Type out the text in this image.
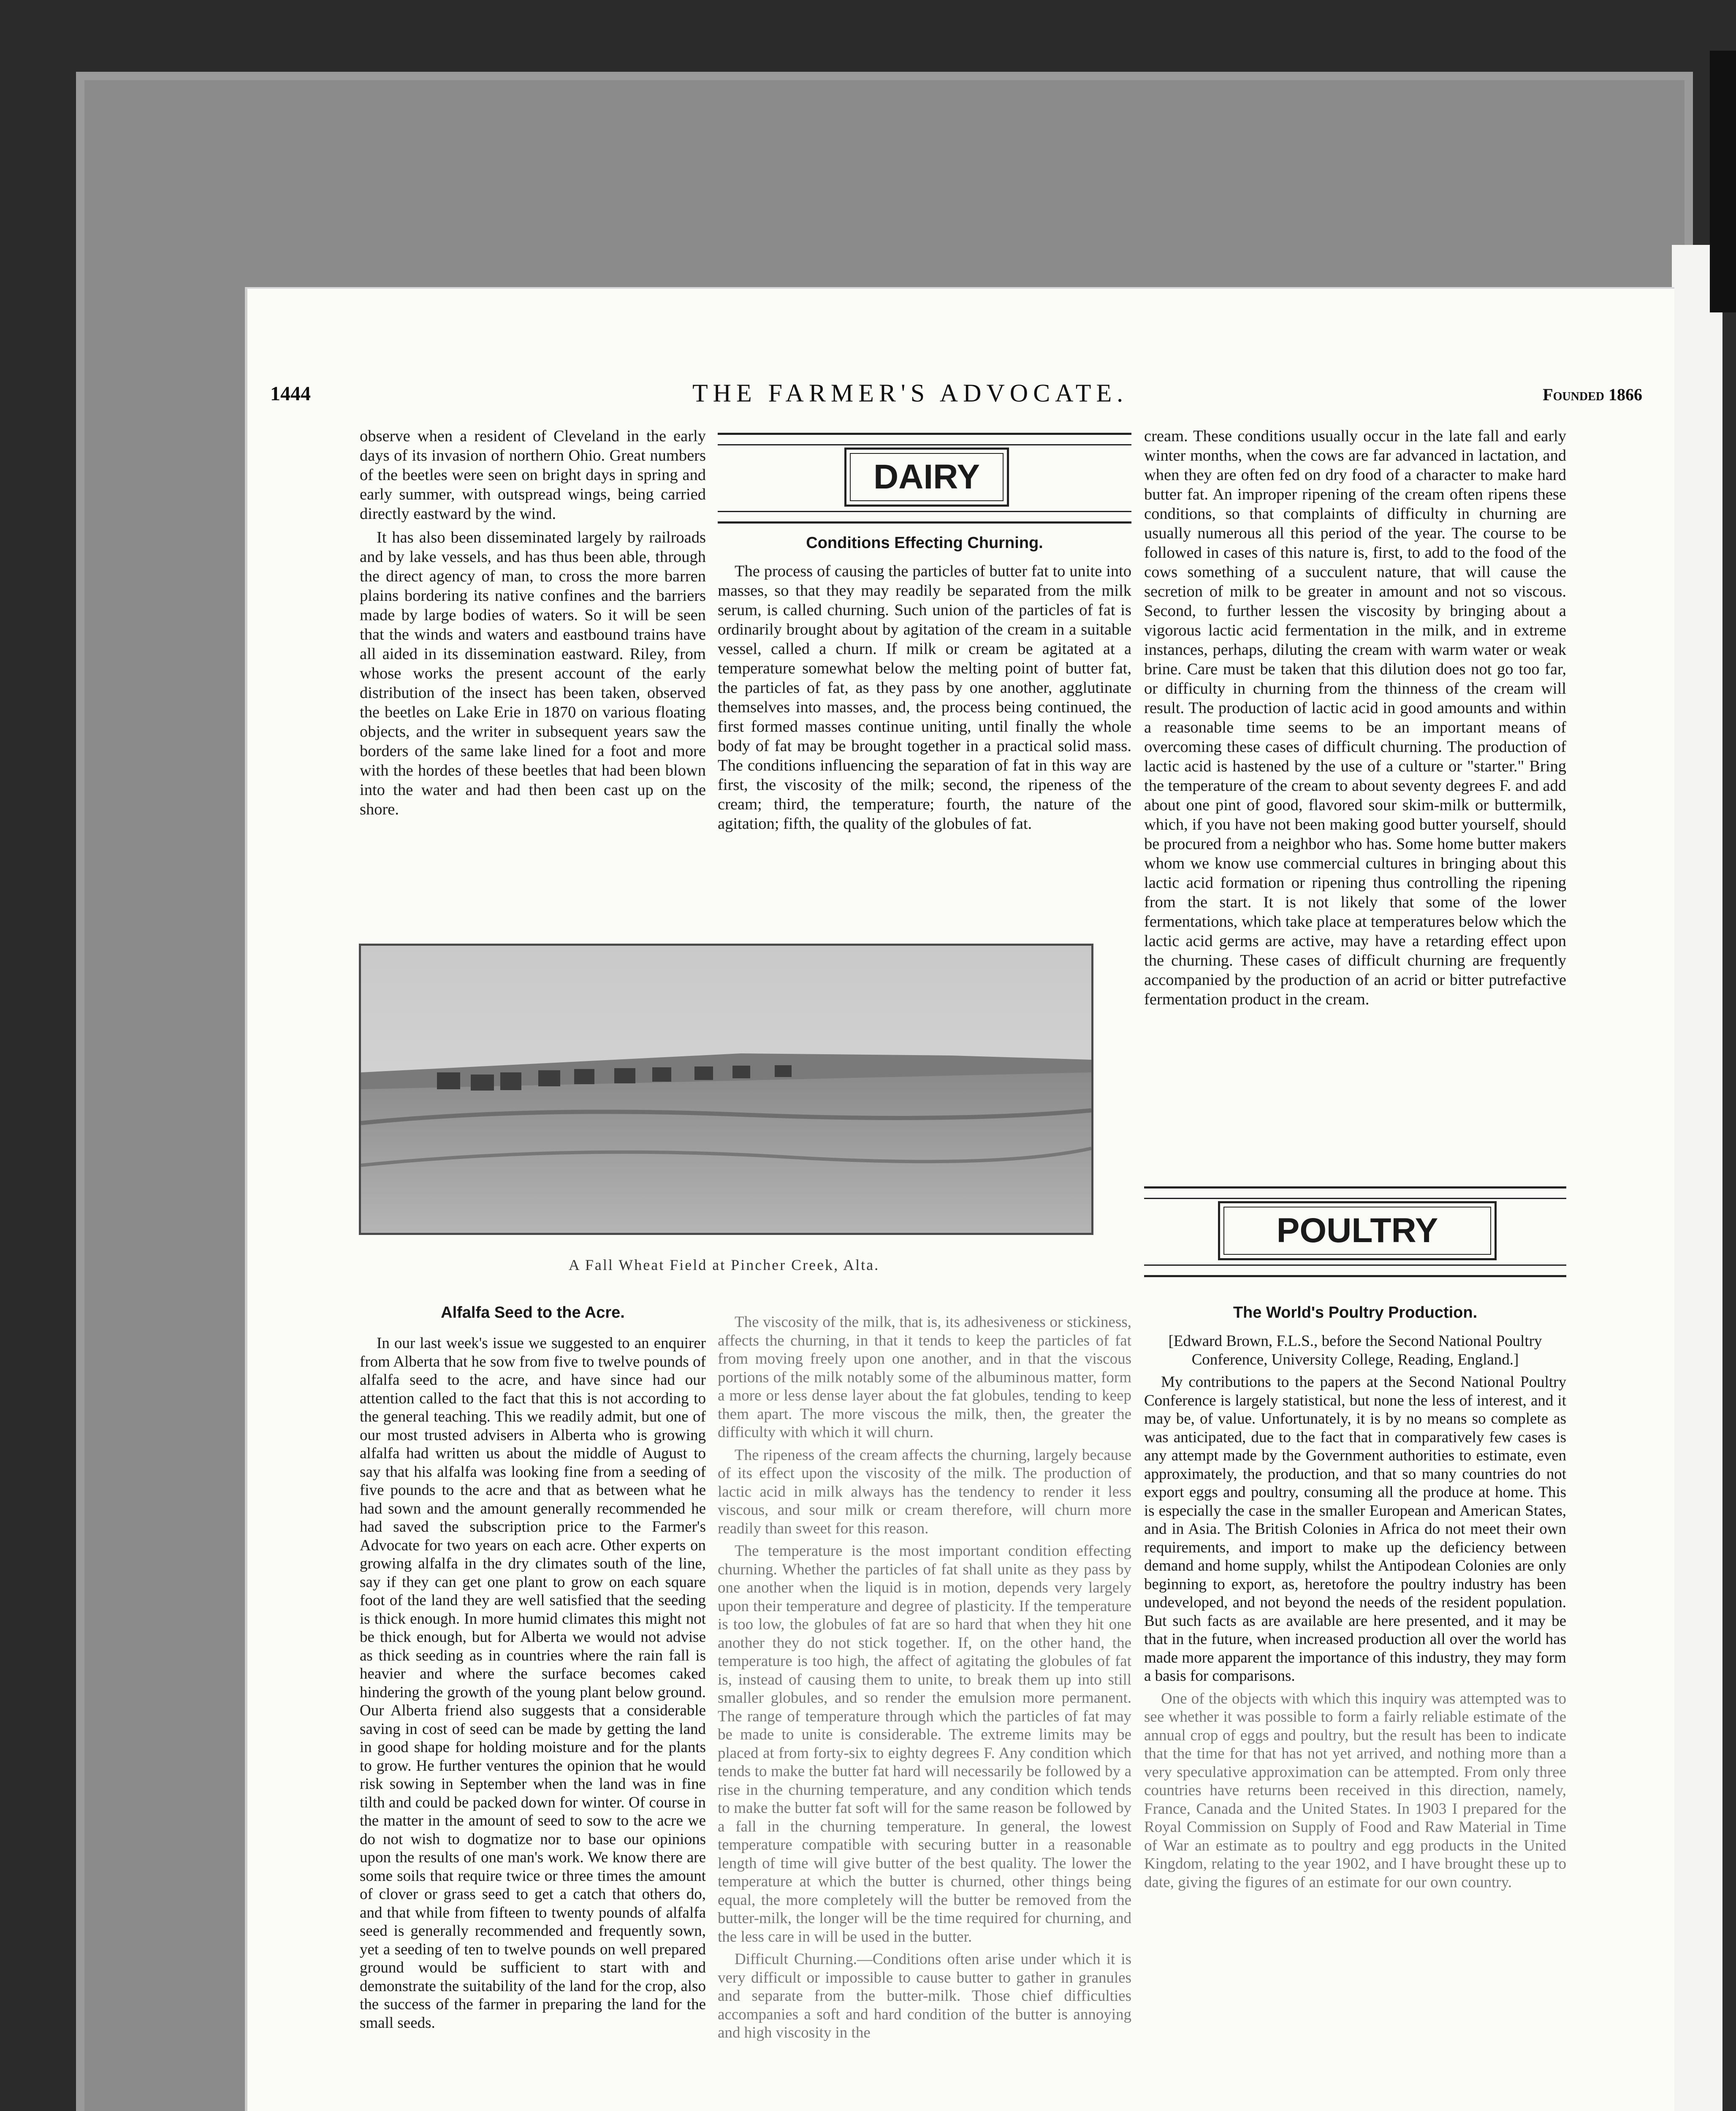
1444	THE FARMER'S ADVOCATE.	Founded 1866

observe when a resident of Cleveland in the early days of its invasion of northern Ohio. Great numbers of the beetles were seen on bright days in spring and early summer, with outspread wings, being carried directly eastward by the wind.

It has also been disseminated largely by railroads and by lake vessels, and has thus been able, through the direct agency of man, to cross the more barren plains bordering its native confines and the barriers made by large bodies of waters. So it will be seen that the winds and waters and eastbound trains have all aided in its dissemination eastward. Riley, from whose works the present account of the early distribution of the insect has been taken, observed the beetles on Lake Erie in 1870 on various floating objects, and the writer in subsequent years saw the borders of the same lake lined for a foot and more with the hordes of these beetles that had been blown into the water and had then been cast up on the shore.

DAIRY
Conditions Effecting Churning.

The process of causing the particles of butter fat to unite into masses, so that they may readily be separated from the milk serum, is called churning. Such union of the particles of fat is ordinarily brought about by agitation of the cream in a suitable vessel, called a churn. If milk or cream be agitated at a temperature somewhat below the melting point of butter fat, the particles of fat, as they pass by one another, agglutinate themselves into masses, and, the process being continued, the first formed masses continue uniting, until finally the whole body of fat may be brought together in a practical solid mass. The conditions influencing the separation of fat in this way are first, the viscosity of the milk; second, the ripeness of the cream; third, the temperature; fourth, the nature of the agitation; fifth, the quality of the globules of fat.

cream. These conditions usually occur in the late fall and early winter months, when the cows are far advanced in lactation, and when they are often fed on dry food of a character to make hard butter fat. An improper ripening of the cream often ripens these conditions, so that complaints of difficulty in churning are usually numerous all this period of the year. The course to be followed in cases of this nature is, first, to add to the food of the cows something of a succulent nature, that will cause the secretion of milk to be greater in amount and not so viscous. Second, to further lessen the viscosity by bringing about a vigorous lactic acid fermentation in the milk, and in extreme instances, perhaps, diluting the cream with warm water or weak brine. Care must be taken that this dilution does not go too far, or difficulty in churning from the thinness of the cream will result. The production of lactic acid in good amounts and within a reasonable time seems to be an important means of overcoming these cases of difficult churning. The production of lactic acid is hastened by the use of a culture or "starter." Bring the temperature of the cream to about seventy degrees F. and add about one pint of good, flavored sour skim-milk or buttermilk, which, if you have not been making good butter yourself, should be procured from a neighbor who has. Some home butter makers whom we know use commercial cultures in bringing about this lactic acid formation or ripening thus controlling the ripening from the start. It is not likely that some of the lower fermentations, which take place at temperatures below which the lactic acid germs are active, may have a retarding effect upon the churning. These cases of difficult churning are frequently accompanied by the production of an acrid or bitter putrefactive fermentation product in the cream.

A Fall Wheat Field at Pincher Creek, Alta.
POULTRY
Alfalfa Seed to the Acre.

In our last week's issue we suggested to an enquirer from Alberta that he sow from five to twelve pounds of alfalfa seed to the acre, and have since had our attention called to the fact that this is not according to the general teaching. This we readily admit, but one of our most trusted advisers in Alberta who is growing alfalfa had written us about the middle of August to say that his alfalfa was looking fine from a seeding of five pounds to the acre and that as between what he had sown and the amount generally recommended he had saved the subscription price to the Farmer's Advocate for two years on each acre. Other experts on growing alfalfa in the dry climates south of the line, say if they can get one plant to grow on each square foot of the land they are well satisfied that the seeding is thick enough. In more humid climates this might not be thick enough, but for Alberta we would not advise as thick seeding as in countries where the rain fall is heavier and where the surface becomes caked hindering the growth of the young plant below ground. Our Alberta friend also suggests that a considerable saving in cost of seed can be made by getting the land in good shape for holding moisture and for the plants to grow. He further ventures the opinion that he would risk sowing in September when the land was in fine tilth and could be packed down for winter. Of course in the matter in the amount of seed to sow to the acre we do not wish to dogmatize nor to base our opinions upon the results of one man's work. We know there are some soils that require twice or three times the amount of clover or grass seed to get a catch that others do, and that while from fifteen to twenty pounds of alfalfa seed is generally recommended and frequently sown, yet a seeding of ten to twelve pounds on well prepared ground would be sufficient to start with and demonstrate the suitability of the land for the crop, also the success of the farmer in preparing the land for the small seeds.

The viscosity of the milk, that is, its adhesiveness or stickiness, affects the churning, in that it tends to keep the particles of fat from moving freely upon one another, and in that the viscous portions of the milk notably some of the albuminous matter, form a more or less dense layer about the fat globules, tending to keep them apart. The more viscous the milk, then, the greater the difficulty with which it will churn.

The ripeness of the cream affects the churning, largely because of its effect upon the viscosity of the milk. The production of lactic acid in milk always has the tendency to render it less viscous, and sour milk or cream therefore, will churn more readily than sweet for this reason.

The temperature is the most important condition effecting churning. Whether the particles of fat shall unite as they pass by one another when the liquid is in motion, depends very largely upon their temperature and degree of plasticity. If the temperature is too low, the globules of fat are so hard that when they hit one another they do not stick together. If, on the other hand, the temperature is too high, the affect of agitating the globules of fat is, instead of causing them to unite, to break them up into still smaller globules, and so render the emulsion more permanent. The range of temperature through which the particles of fat may be made to unite is considerable. The extreme limits may be placed at from forty-six to eighty degrees F. Any condition which tends to make the butter fat hard will necessarily be followed by a rise in the churning temperature, and any condition which tends to make the butter fat soft will for the same reason be followed by a fall in the churning temperature. In general, the lowest temperature compatible with securing butter in a reasonable length of time will give butter of the best quality. The lower the temperature at which the butter is churned, other things being equal, the more completely will the butter be removed from the butter-milk, the longer will be the time required for churning, and the less care in will be used in the butter.

Difficult Churning.—Conditions often arise under which it is very difficult or impossible to cause butter to gather in granules and separate from the butter-milk. Those chief difficulties accompanies a soft and hard condition of the butter is annoying and high viscosity in the

The World's Poultry Production.

[Edward Brown, F.L.S., before the Second National Poultry Conference, University College, Reading, England.]

My contributions to the papers at the Second National Poultry Conference is largely statistical, but none the less of interest, and it may be, of value. Unfortunately, it is by no means so complete as was anticipated, due to the fact that in comparatively few cases is any attempt made by the Government authorities to estimate, even approximately, the production, and that so many countries do not export eggs and poultry, consuming all the produce at home. This is especially the case in the smaller European and American States, and in Asia. The British Colonies in Africa do not meet their own requirements, and import to make up the deficiency between demand and home supply, whilst the Antipodean Colonies are only beginning to export, as, heretofore the poultry industry has been undeveloped, and not beyond the needs of the resident population. But such facts as are available are here presented, and it may be that in the future, when increased production all over the world has made more apparent the importance of this industry, they may form a basis for comparisons.

One of the objects with which this inquiry was attempted was to see whether it was possible to form a fairly reliable estimate of the annual crop of eggs and poultry, but the result has been to indicate that the time for that has not yet arrived, and nothing more than a very speculative approximation can be attempted. From only three countries have returns been received in this direction, namely, France, Canada and the United States. In 1903 I prepared for the Royal Commission on Supply of Food and Raw Material in Time of War an estimate as to poultry and egg products in the United Kingdom, relating to the year 1902, and I have brought these up to date, giving the figures of an estimate for our own country.
